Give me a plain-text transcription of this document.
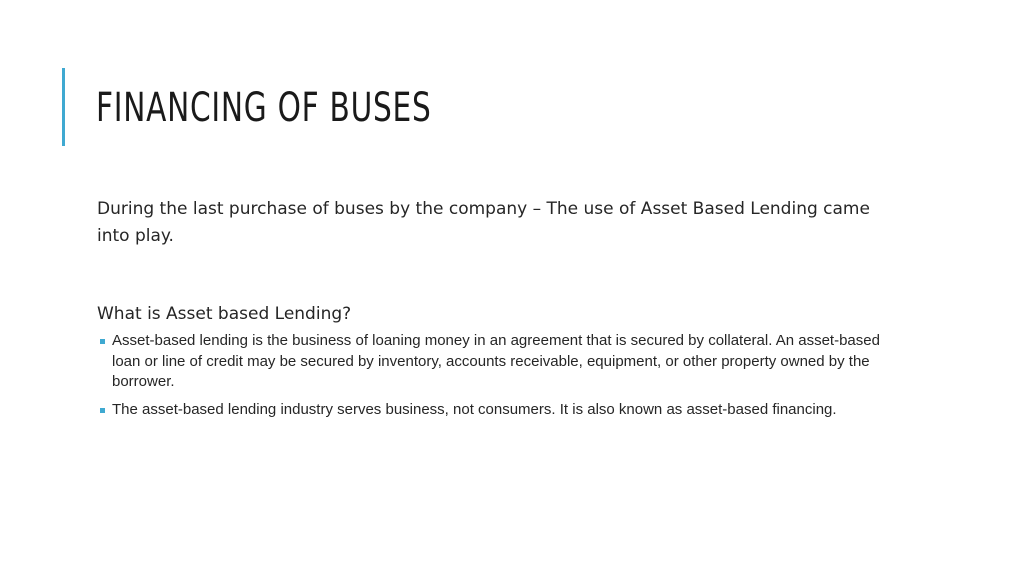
FINANCING OF BUSES

During the last purchase of buses by the company – The use of Asset Based Lending came into play.

What is Asset based Lending?

Asset-based lending is the business of loaning money in an agreement that is secured by collateral. An asset-based loan or line of credit may be secured by inventory, accounts receivable, equipment, or other property owned by the borrower.
The asset-based lending industry serves business, not consumers. It is also known as asset-based financing.
